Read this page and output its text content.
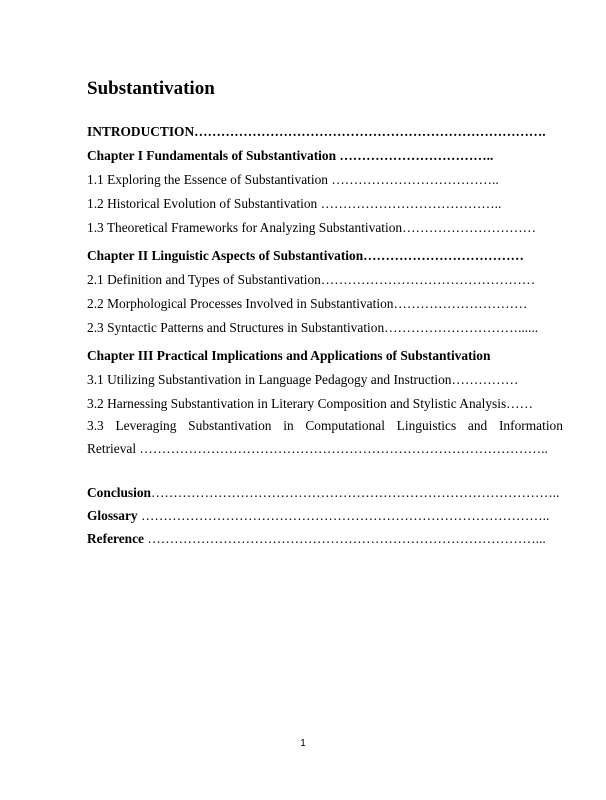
Substantivation
INTRODUCTION…………………………………………………………………….
Chapter I Fundamentals of Substantivation ……………………………..
1.1 Exploring the Essence of Substantivation ………………………………..
1.2 Historical Evolution of Substantivation …………………………………..
1.3 Theoretical Frameworks for Analyzing Substantivation…………………………
Chapter II Linguistic Aspects of Substantivation………………………………
2.1 Definition and Types of Substantivation…………………………………………
2.2 Morphological Processes Involved in Substantivation…………………………
2.3 Syntactic Patterns and Structures in Substantivation…………………………......
Chapter III Practical Implications and Applications of Substantivation
3.1 Utilizing Substantivation in Language Pedagogy and Instruction……………
3.2 Harnessing Substantivation in Literary Composition and Stylistic Analysis……
3.3 Leveraging Substantivation in Computational Linguistics and Information
Retrieval ………………………………………………………………………………..
Conclusion………………………………………………………………………………..
Glossary ………………………………………………………………………………..
Reference ……………………………………………………………………………...
1
